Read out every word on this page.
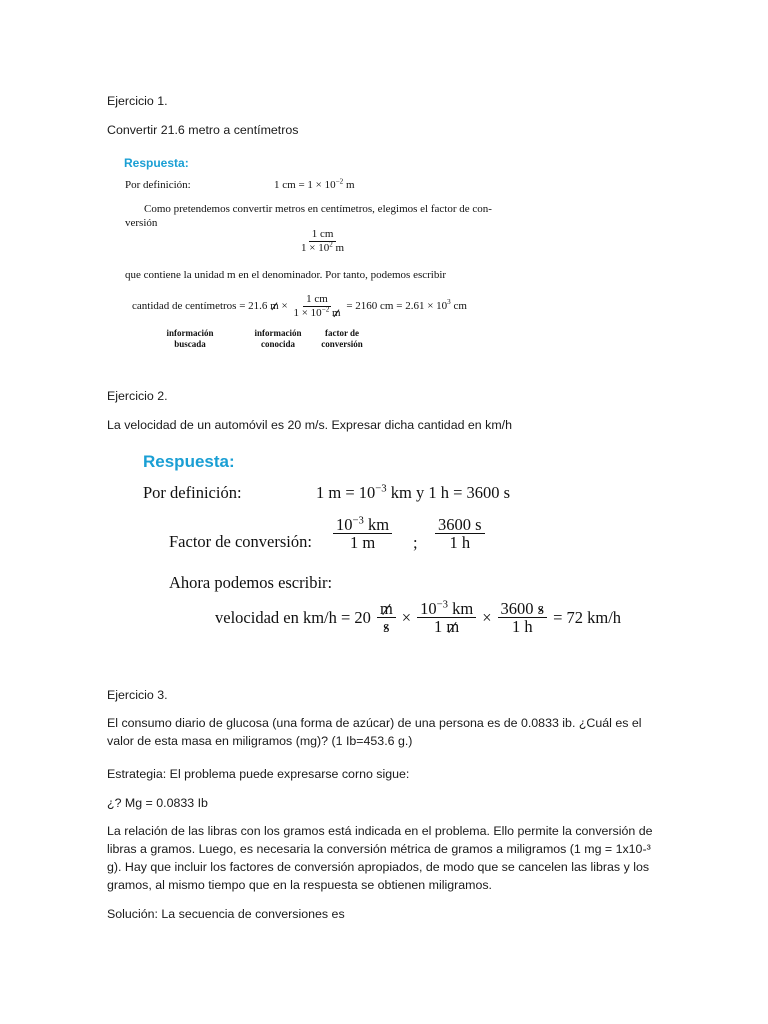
Ejercicio 1.

Convertir 21.6 metro a centímetros

Respuesta:
Por definición:	1 cm = $1 \times 10^{-2}$ m
Como pretendemos convertir metros en centímetros, elegimos el factor de con-
versión
$\frac{1 cm}{1 \times 10^2 m}$
que contiene la unidad m en el denominador. Por tanto, podemos escribir
cantidad de centímetros = 21.6 $m \times \frac{1 cm}{1 \times 10^{-2} m} = 2160$ cm = $2.61 \times 10^3$ cm
información
buscada
información
conocida
factor de
conversión

Ejercicio 2.

La velocidad de un automóvil es 20 m/s. Expresar dicha cantidad en km/h

Respuesta:
Por definición:	1 $m = 10^{-3}$ km y 1 h = 3600 s
Factor de conversión: $\frac{10^{-3} km}{1 m}$ ; $\frac{3600 s}{1 h}$
Ahora podemos escribir:
velocidad en $km/h = 20 \frac{m}{s} \times \frac{10^{-3} km}{1 m} \times \frac{3600 s}{1 h} = 72$ km/h

Ejercicio 3.

El consumo diario de glucosa (una forma de azúcar) de una persona es de 0.0833 ib. ¿Cuál es el valor de esta masa en miligramos (mg)? (1 Ib=453.6 g.)

Estrategia: El problema puede expresarse corno sigue:

¿? Mg = 0.0833 Ib

La relación de las libras con los gramos está indicada en el problema. Ello permite la conversión de libras a gramos. Luego, es necesaria la conversión métrica de gramos a miligramos (1 mg = 1x10-³ g). Hay que incluir los factores de conversión apropiados, de modo que se cancelen las libras y los gramos, al mismo tiempo que en la respuesta se obtienen miligramos.

Solución: La secuencia de conversiones es
